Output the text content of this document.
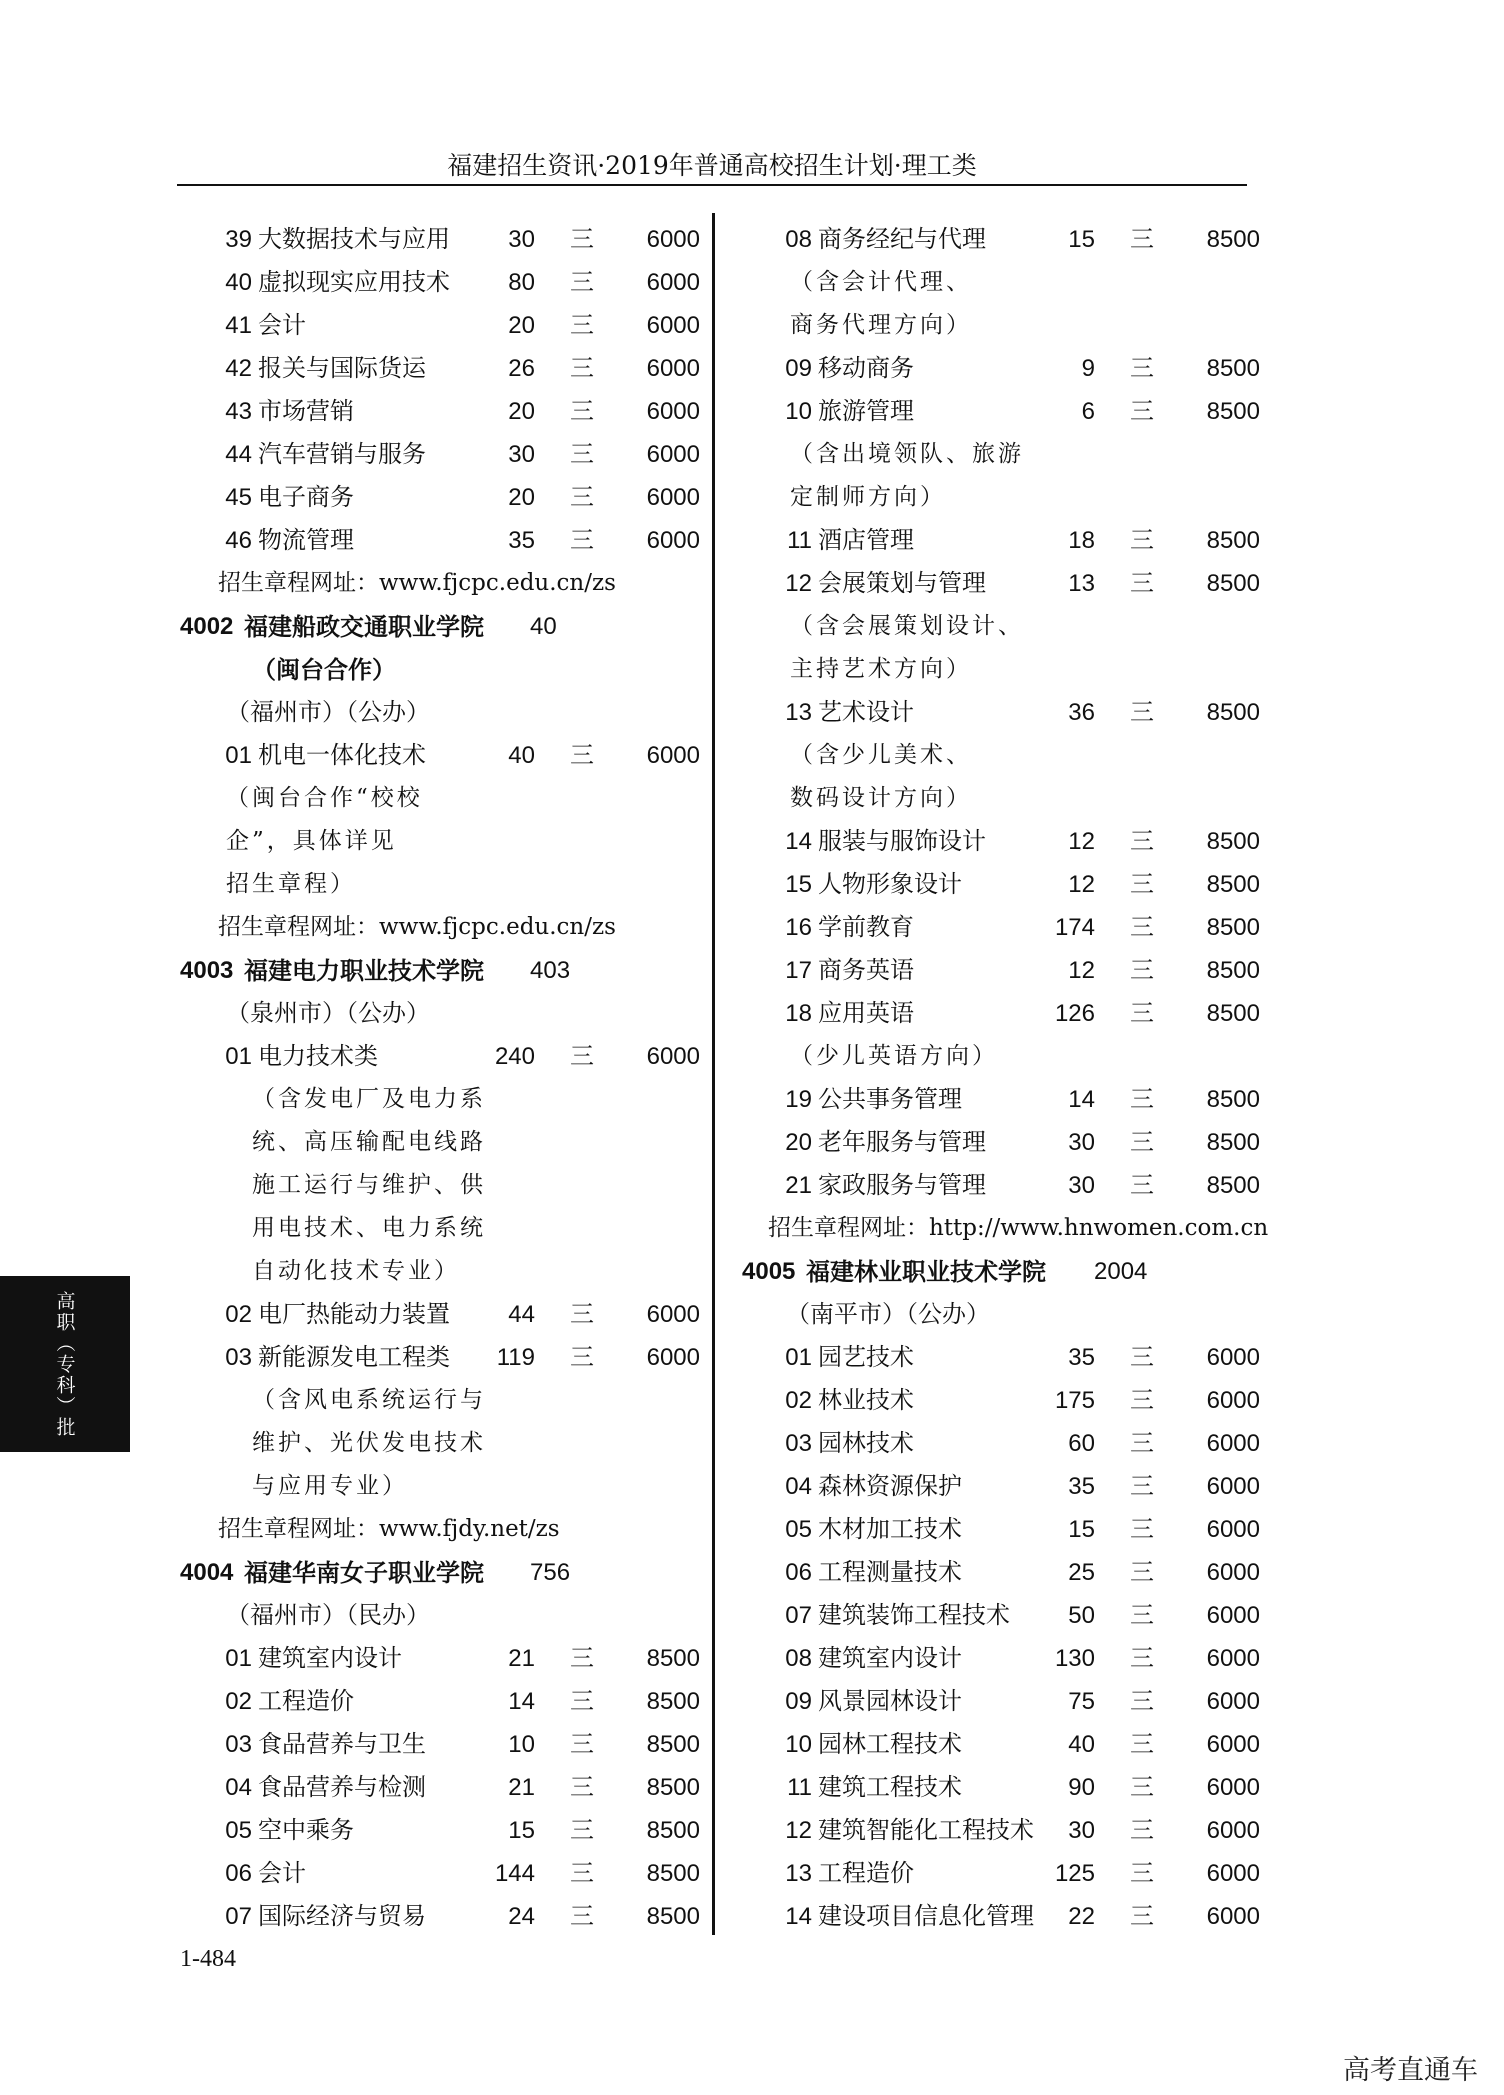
福建招生资讯·2019年普通高校招生计划·理工类
39 大数据技术与应用	30 三	6000
40 虚拟现实应用技术	80 三	6000
41 会计	20 三	6000
42 报关与国际货运	26 三	6000
43 市场营销	20 三	6000
44 汽车营销与服务	30 三	6000
45 电子商务	20 三	6000
46 物流管理	35 三	6000
招生章程网址：www.fjcpc.edu.cn/zs
4002 福建船政交通职业学院 40
（闽台合作）
（福州市）（公办）
01 机电一体化技术	40 三	6000
（闽台合作“校校
企”，具体详见
招生章程）
招生章程网址：www.fjcpc.edu.cn/zs
4003 福建电力职业技术学院 403
（泉州市）（公办）
01 电力技术类	240 三	6000
（含发电厂及电力系
统、高压输配电线路
施工运行与维护、供
用电技术、电力系统
自动化技术专业）
02 电厂热能动力装置	44 三	6000
03 新能源发电工程类	119 三	6000
（含风电系统运行与
维护、光伏发电技术
与应用专业）
招生章程网址：www.fjdy.net/zs
4004 福建华南女子职业学院 756
（福州市）（民办）
01 建筑室内设计	21 三	8500
02 工程造价	14 三	8500
03 食品营养与卫生	10 三	8500
04 食品营养与检测	21 三	8500
05 空中乘务	15 三	8500
06 会计	144 三	8500
07 国际经济与贸易	24 三	8500
08 商务经纪与代理	15 三	8500
（含会计代理、
商务代理方向）
09 移动商务	9 三	8500
10 旅游管理	6 三	8500
（含出境领队、旅游
定制师方向）
11 酒店管理	18 三	8500
12 会展策划与管理	13 三	8500
（含会展策划设计、
主持艺术方向）
13 艺术设计	36 三	8500
（含少儿美术、
数码设计方向）
14 服装与服饰设计	12 三	8500
15 人物形象设计	12 三	8500
16 学前教育	174 三	8500
17 商务英语	12 三	8500
18 应用英语	126 三	8500
（少儿英语方向）
19 公共事务管理	14 三	8500
20 老年服务与管理	30 三	8500
21 家政服务与管理	30 三	8500
招生章程网址：http://www.hnwomen.com.cn
4005 福建林业职业技术学院 2004
（南平市）（公办）
01 园艺技术	35 三	6000
02 林业技术	175 三	6000
03 园林技术	60 三	6000
04 森林资源保护	35 三	6000
05 木材加工技术	15 三	6000
06 工程测量技术	25 三	6000
07 建筑装饰工程技术	50 三	6000
08 建筑室内设计	130 三	6000
09 风景园林设计	75 三	6000
10 园林工程技术	40 三	6000
11 建筑工程技术	90 三	6000
12 建筑智能化工程技术	30 三	6000
13 工程造价	125 三	6000
14 建设项目信息化管理	22 三	6000
高职（专科）批
1-484
高考直通车
